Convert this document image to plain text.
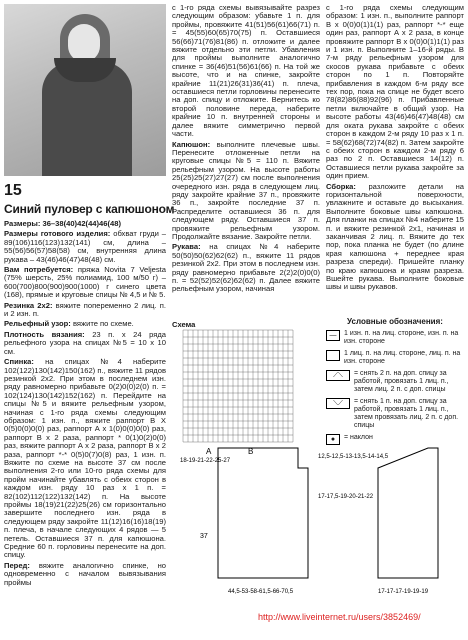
15
Синий пуловер с капюшоном

Размеры: 36–38(40)42(44)46(48)

Размеры готового изделия: обхват груди – 89(106)116(123)132(141) см, длина – 55(56)56(57)58(58) см, внутренняя длина рукава – 43(46)46(47)48(48) см.

Вам потребуется: пряжа Novita 7 Veljesta (75% шерсть, 25% полиамид, 100 м/50 г) – 600(700)800(900)900(1000) г синего цвета (168), прямые и круговые спицы № 4,5 и № 5.

Резинка 2х2: вяжите попеременно 2 лиц. п. и 2 изн. п.

Рельефный узор: вяжите по схеме.

Плотность вязания: 23 п. х 24 ряда рельефного узора на спицах №5 = 10 х 10 см.

Спинка: на спицах №4 наберите 102(122)130(142)150(162) п., вяжите 11 рядов резинкой 2х2. При этом в последнем изн. ряду равномерно прибавьте 0(2)0(0)2(0) п. = 102(124)130(142)152(162) п. Перейдите на спицы №5 и вяжите рельефным узором, начиная с 1-го ряда схемы следующим образом: 1 изн. п., вяжите раппорт В Х 0(5)0(0)0(0) раз, раппорт А х 1(0)0(0)0(0) раз, раппорт В х 2 раза, раппорт * 0(1)0(2)0(0) раз, вяжите раппорт А х 2 раза, раппорт В х 2 раза, раппорт *-* 0(5)0(7)0(8) раз, 1 изн. п. Вяжите по схеме на высоте 37 см после выполнения 2-го или 10-го ряда схемы для пройм начинайте убавлять с обеих сторон в каждом изн. ряду 10 раз х 1 п. = 82(102)112(122)132(142) п. На высоте проймы 18(19)21(22)25(26) см горизонтально завершите последнего изн. ряда в следующем ряду закройте 11(12)16(16)18(19) п. плеча, в начале следующих 4 рядов — 5 петель. Оставшиеся 37 п. для капюшона. Средние 60 п. горловины перенесите на доп. спицу.

Перед: вяжите аналогично спинке, но одновременно с началом вывязывания проймы

с 1-го ряда схемы вывязывайте разрез следующим образом: убавьте 1 п. для проймы, провяжите 41(51)56(61)66(71) п. = 45(55)60(65)70(75) п. Оставшиеся 56(66)71(76)81(86) п. отложите и далее вяжите отдельно эти петли. Убавления для проймы выполните аналогично спинке = 36(46)51(56)61(66) п. На той же высоте, что и на спинке, закройте крайние 11(21)26(31)36(41) п. плеча, оставшиеся петли горловины перенесите на доп. спицу и отложите. Вернитесь ко второй половине переда, наберите крайние 10 п. внутренней стороны и далее вяжите симметрично первой части.

Капюшон: выполните плечевые швы. Перенесите отложенные петли на круговые спицы №5 = 110 п. Вяжите рельефным узором. На высоте работы 25(25)25(27)27(27) см после выполнения очередного изн. ряда в следующем лиц. ряду закройте крайние 37 п., провяжите 36 п., закройте последние 37 п. Распределите оставшиеся 36 п. для следующем ряду. Оставшиеся 37 п. провяжите рельефным узором. Продолжайте вязание. Закройте петли.

Рукава: на спицах №4 наберите 50(50)50(62)62(62) п., вяжите 11 рядов резинкой 2х2. При этом в последнем изн. ряду равномерно прибавьте 2(2)2(0)0(0) п. = 52(52)52(62)62(62) п. Далее вяжите рельефным узором, начиная

с 1-го ряда схемы следующим образом: 1 изн. п., выполните раппорт В х 0(0)0(1)1(1) раз, раппорт *-* еще один раз, раппорт А х 2 раза, в конце провяжите раппорт В х 0(0)0(1)1(1) раз и 1 изн. п. Выполните 1–16-й ряды. В 7-м ряду рельефным узором для скосов рукава прибавьте с обеих сторон по 1 п. Повторяйте прибавления в каждом 6-м ряду все тех пор, пока на спице не будет всего 78(82)86(88)92(96) п. Прибавленные петли включайте в общий узор. На высоте работы 43(46)46(47)48(48) см для оката рукава закройте с обеих сторон в каждом 2-м ряду 10 раз х 1 п. = 58(62)68(72)74(82) п. Затем закройте с обеих сторон в каждом 2-м ряду 6 раз по 2 п. Оставшиеся 14(12) п. Оставшиеся петли рукава закройте за один прием.

Сборка: разложите детали на горизонтальной поверхности, увлажните и оставьте до высыхания. Выполните боковые швы капюшона. Для планки на спицах №4 наберите 15 п. и вяжите резинкой 2х1, начиная и заканчивая 2 лиц. п. Вяжите до тех пор, пока планка не будет (по длине края капюшона + переднее края разреза спереди). Пришейте планку по краю капюшона и краям разреза. Вшейте рукава. Выполните боковые швы и швы рукавов.

Схема
А	В
Условные обозначения:
—	1 изн. п. на лиц. стороне, изн. п. на изн. стороне
1 лиц. п. на лиц. стороне, лиц. п. на изн. стороне
⟋⟍	= снять 2 п. на доп. спицу за работой, провязать 1 лиц. п., затем лиц. 2 п. с доп. спицы
⟍⟋	= снять 1 п. на доп. спицу за работой, провязать 1 лиц. п., затем провязать лиц. 2 п. с доп. спицы
●	= наклон
18-19-21-22-25-27
37
12,5-12,5-13-13,5-14-14,5
17-17,5-19-20-21-22
44,5-53-58-61,5-66-70,5	17-17-17-19-19-19
http://www.liveinternet.ru/users/3852469/
